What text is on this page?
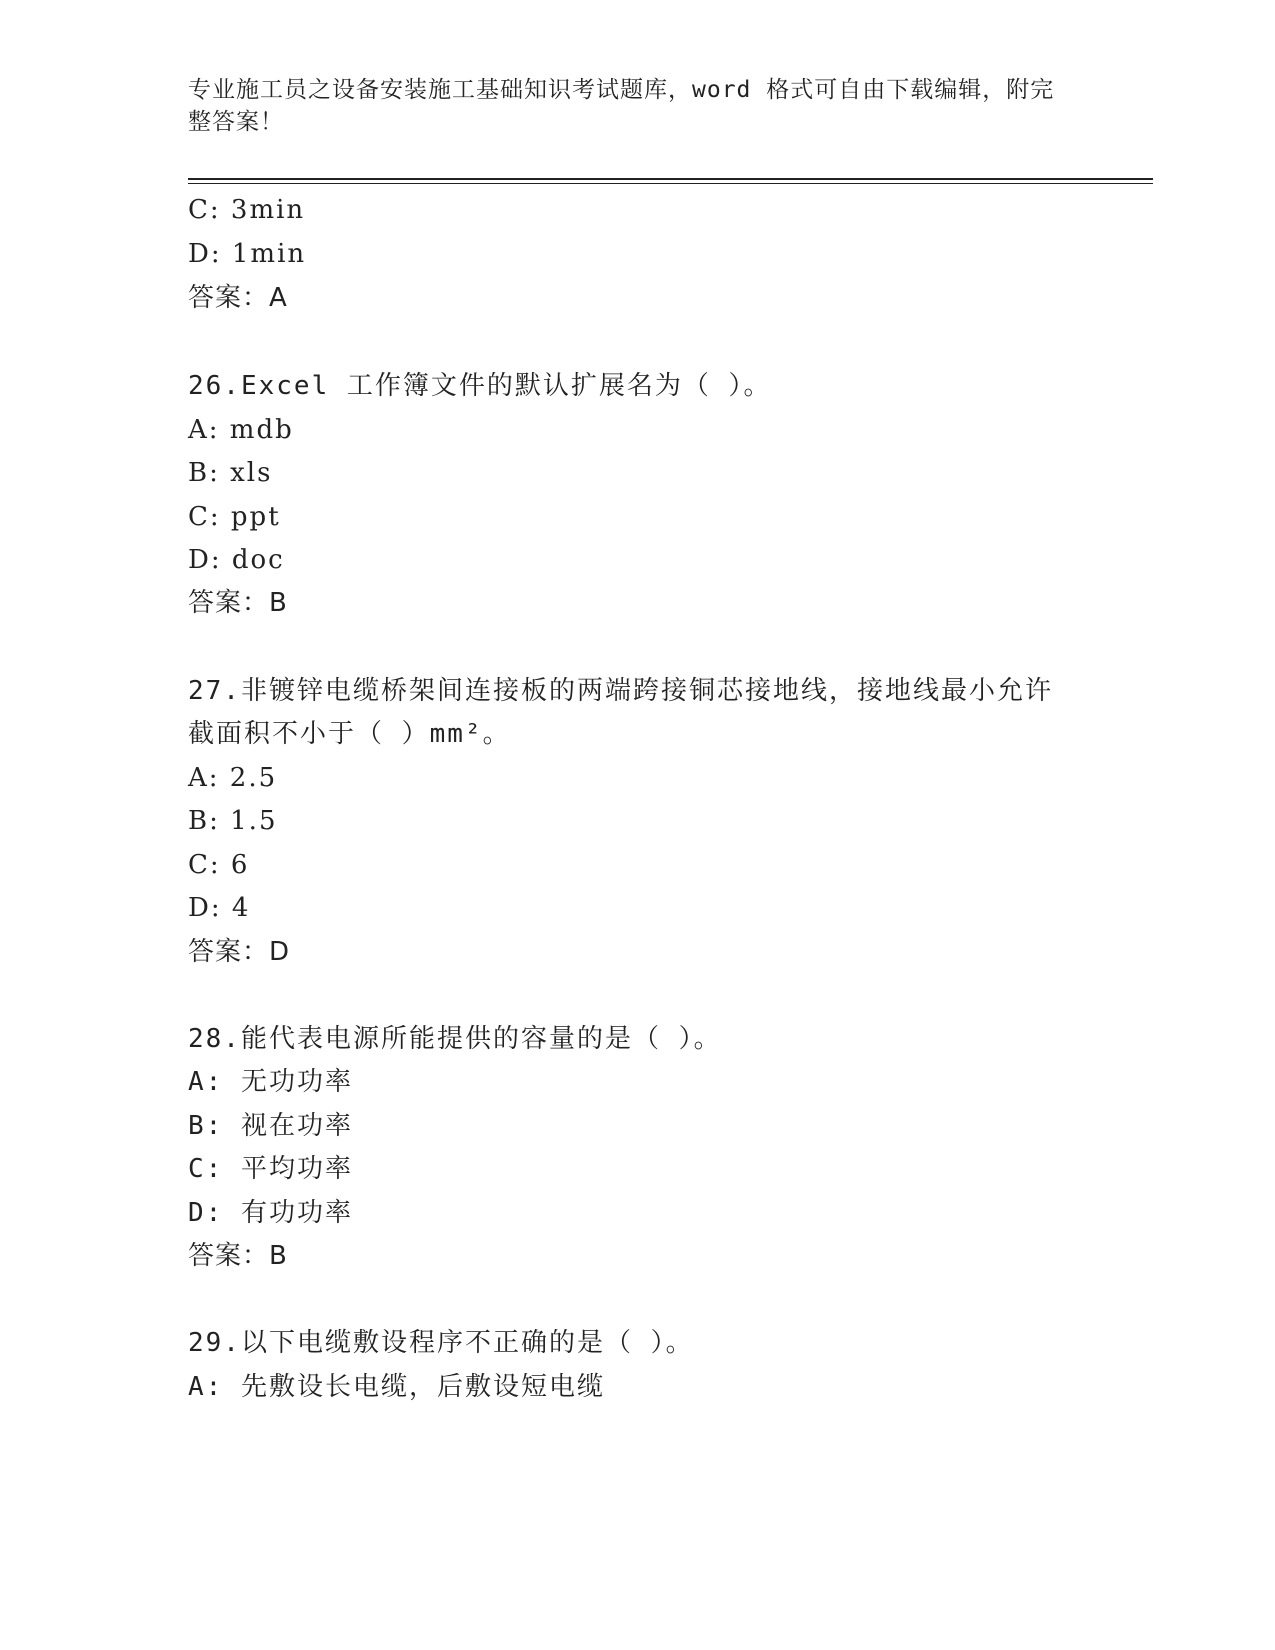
专业施工员之设备安装施工基础知识考试题库，word 格式可自由下载编辑，附完
整答案！
C: 3min
D: 1min
答案：A
26.Excel 工作簿文件的默认扩展名为（ ）。
A: mdb
B: xls
C: ppt
D: doc
答案：B
27.非镀锌电缆桥架间连接板的两端跨接铜芯接地线，接地线最小允许
截面积不小于（ ）mm²。
A: 2.5
B: 1.5
C: 6
D: 4
答案：D
28.能代表电源所能提供的容量的是（ ）。
A: 无功功率
B: 视在功率
C: 平均功率
D: 有功功率
答案：B
29.以下电缆敷设程序不正确的是（ ）。
A: 先敷设长电缆，后敷设短电缆
